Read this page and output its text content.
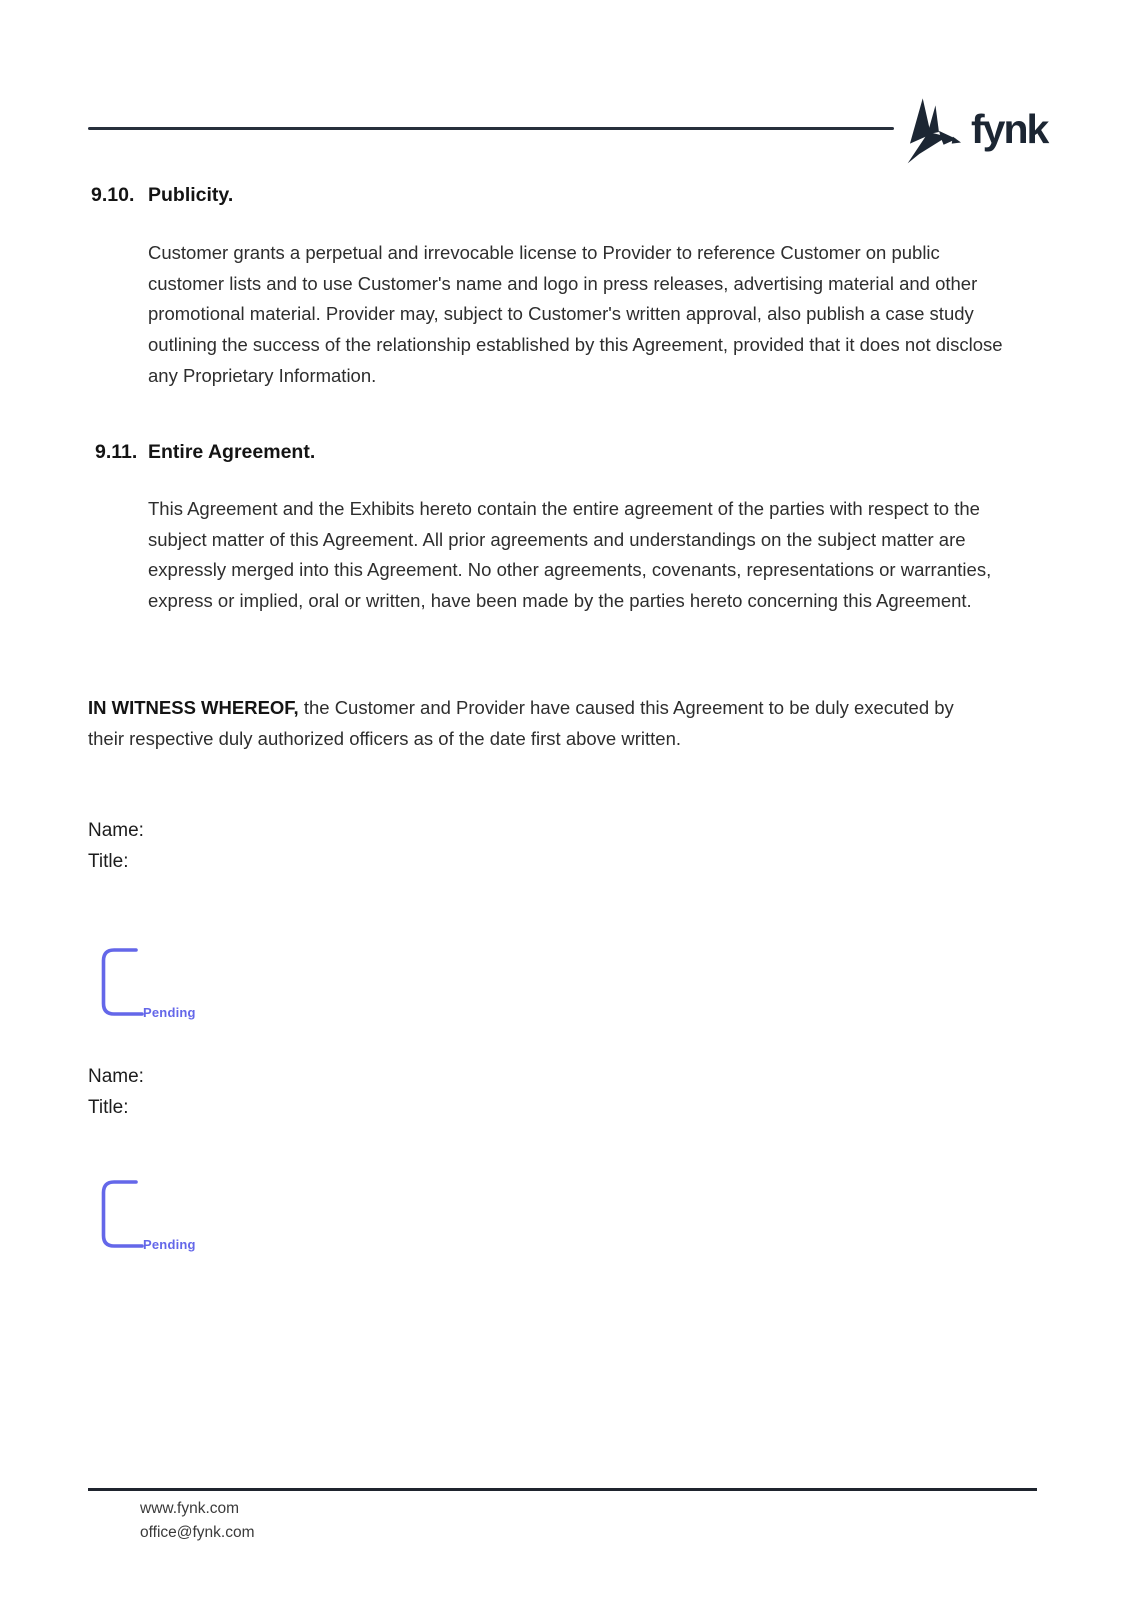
fynk
9.10. Publicity.
Customer grants a perpetual and irrevocable license to Provider to reference Customer on public customer lists and to use Customer's name and logo in press releases, advertising material and other promotional material. Provider may, subject to Customer's written approval, also publish a case study outlining the success of the relationship established by this Agreement, provided that it does not disclose any Proprietary Information.
9.11. Entire Agreement.
This Agreement and the Exhibits hereto contain the entire agreement of the parties with respect to the subject matter of this Agreement. All prior agreements and understandings on the subject matter are expressly merged into this Agreement. No other agreements, covenants, representations or warranties, express or implied, oral or written, have been made by the parties hereto concerning this Agreement.
IN WITNESS WHEREOF, the Customer and Provider have caused this Agreement to be duly executed by their respective duly authorized officers as of the date first above written.
Name:
Title:
Pending
Name:
Title:
Pending
www.fynk.com
office@fynk.com
